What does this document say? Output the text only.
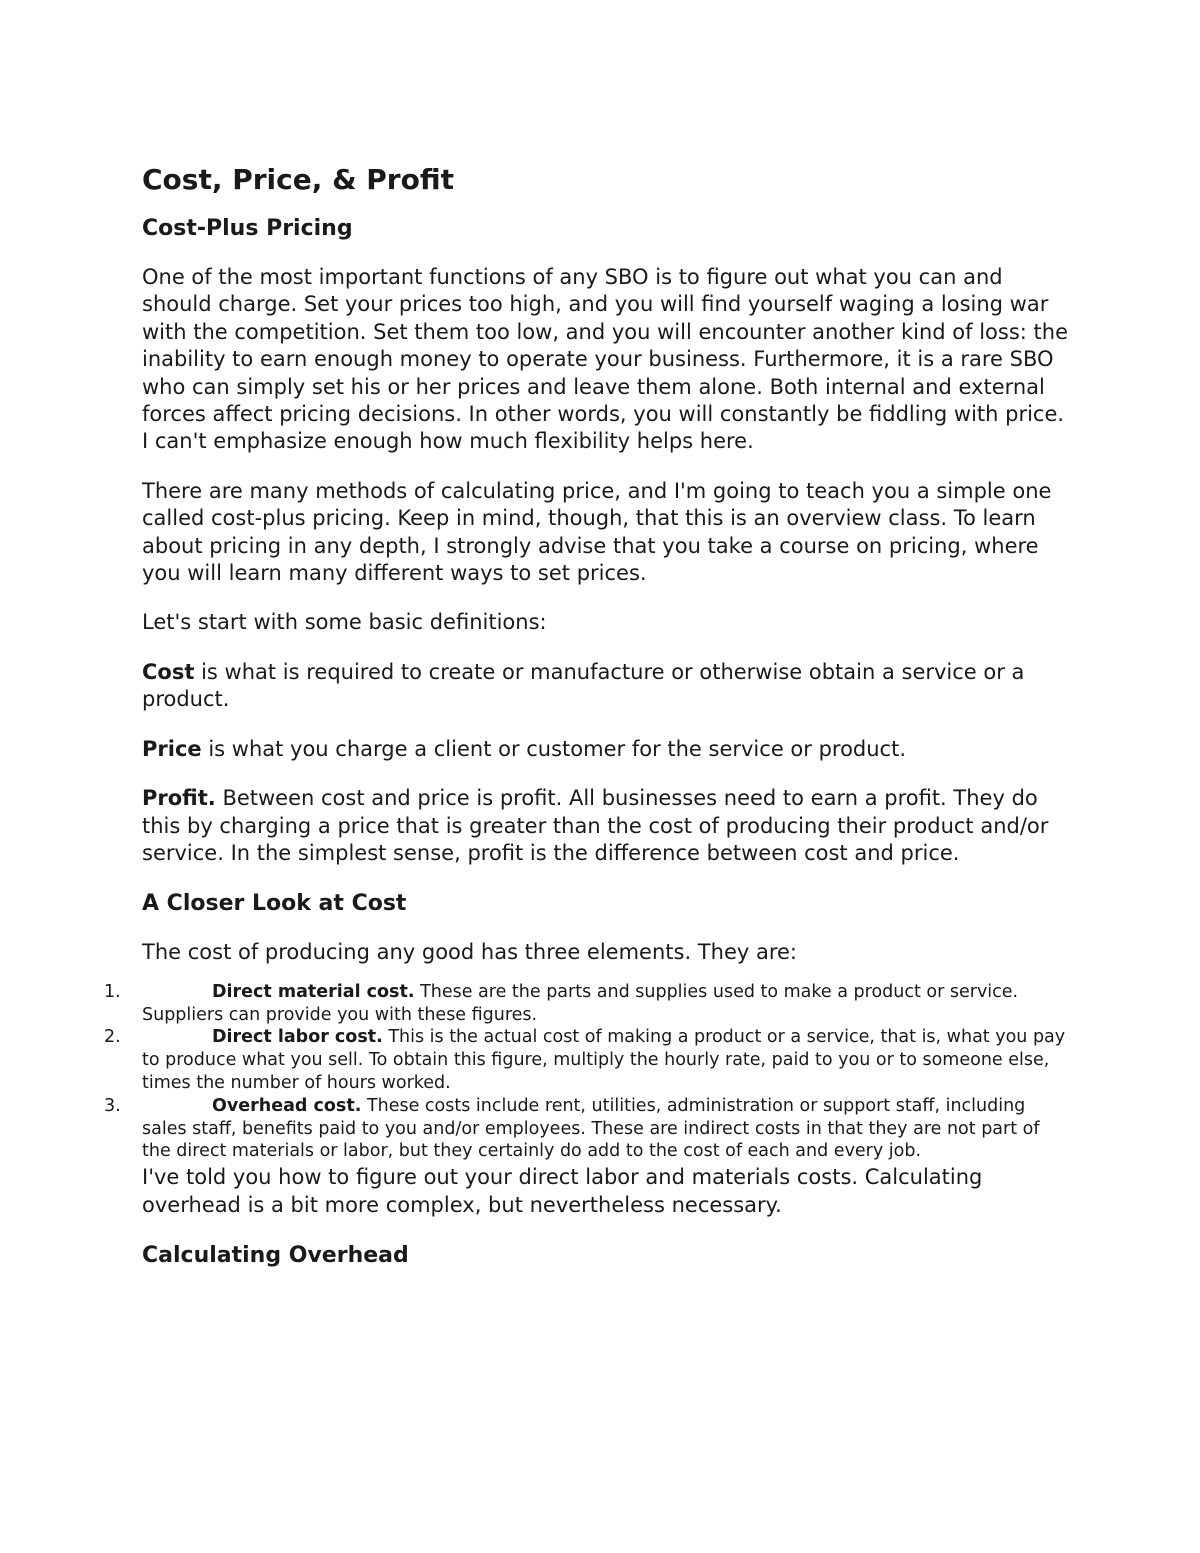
Cost, Price, & Profit
Cost-Plus Pricing

One of the most important functions of any SBO is to figure out what you can and should charge. Set your prices too high, and you will find yourself waging a losing war with the competition. Set them too low, and you will encounter another kind of loss: the inability to earn enough money to operate your business. Furthermore, it is a rare SBO who can simply set his or her prices and leave them alone. Both internal and external forces affect pricing decisions. In other words, you will constantly be fiddling with price. I can't emphasize enough how much flexibility helps here.

There are many methods of calculating price, and I'm going to teach you a simple one called cost-plus pricing. Keep in mind, though, that this is an overview class. To learn about pricing in any depth, I strongly advise that you take a course on pricing, where you will learn many different ways to set prices.

Let's start with some basic definitions:

Cost is what is required to create or manufacture or otherwise obtain a service or a product.

Price is what you charge a client or customer for the service or product.

Profit. Between cost and price is profit. All businesses need to earn a profit. They do this by charging a price that is greater than the cost of producing their product and/or service. In the simplest sense, profit is the difference between cost and price.

A Closer Look at Cost

The cost of producing any good has three elements. They are:

1.	Direct material cost. These are the parts and supplies used to make a product or service. Suppliers can provide you with these figures.
2.	Direct labor cost. This is the actual cost of making a product or a service, that is, what you pay to produce what you sell. To obtain this figure, multiply the hourly rate, paid to you or to someone else, times the number of hours worked.
3.	Overhead cost. These costs include rent, utilities, administration or support staff, including sales staff, benefits paid to you and/or employees. These are indirect costs in that they are not part of the direct materials or labor, but they certainly do add to the cost of each and every job.

I've told you how to figure out your direct labor and materials costs. Calculating overhead is a bit more complex, but nevertheless necessary.

Calculating Overhead
